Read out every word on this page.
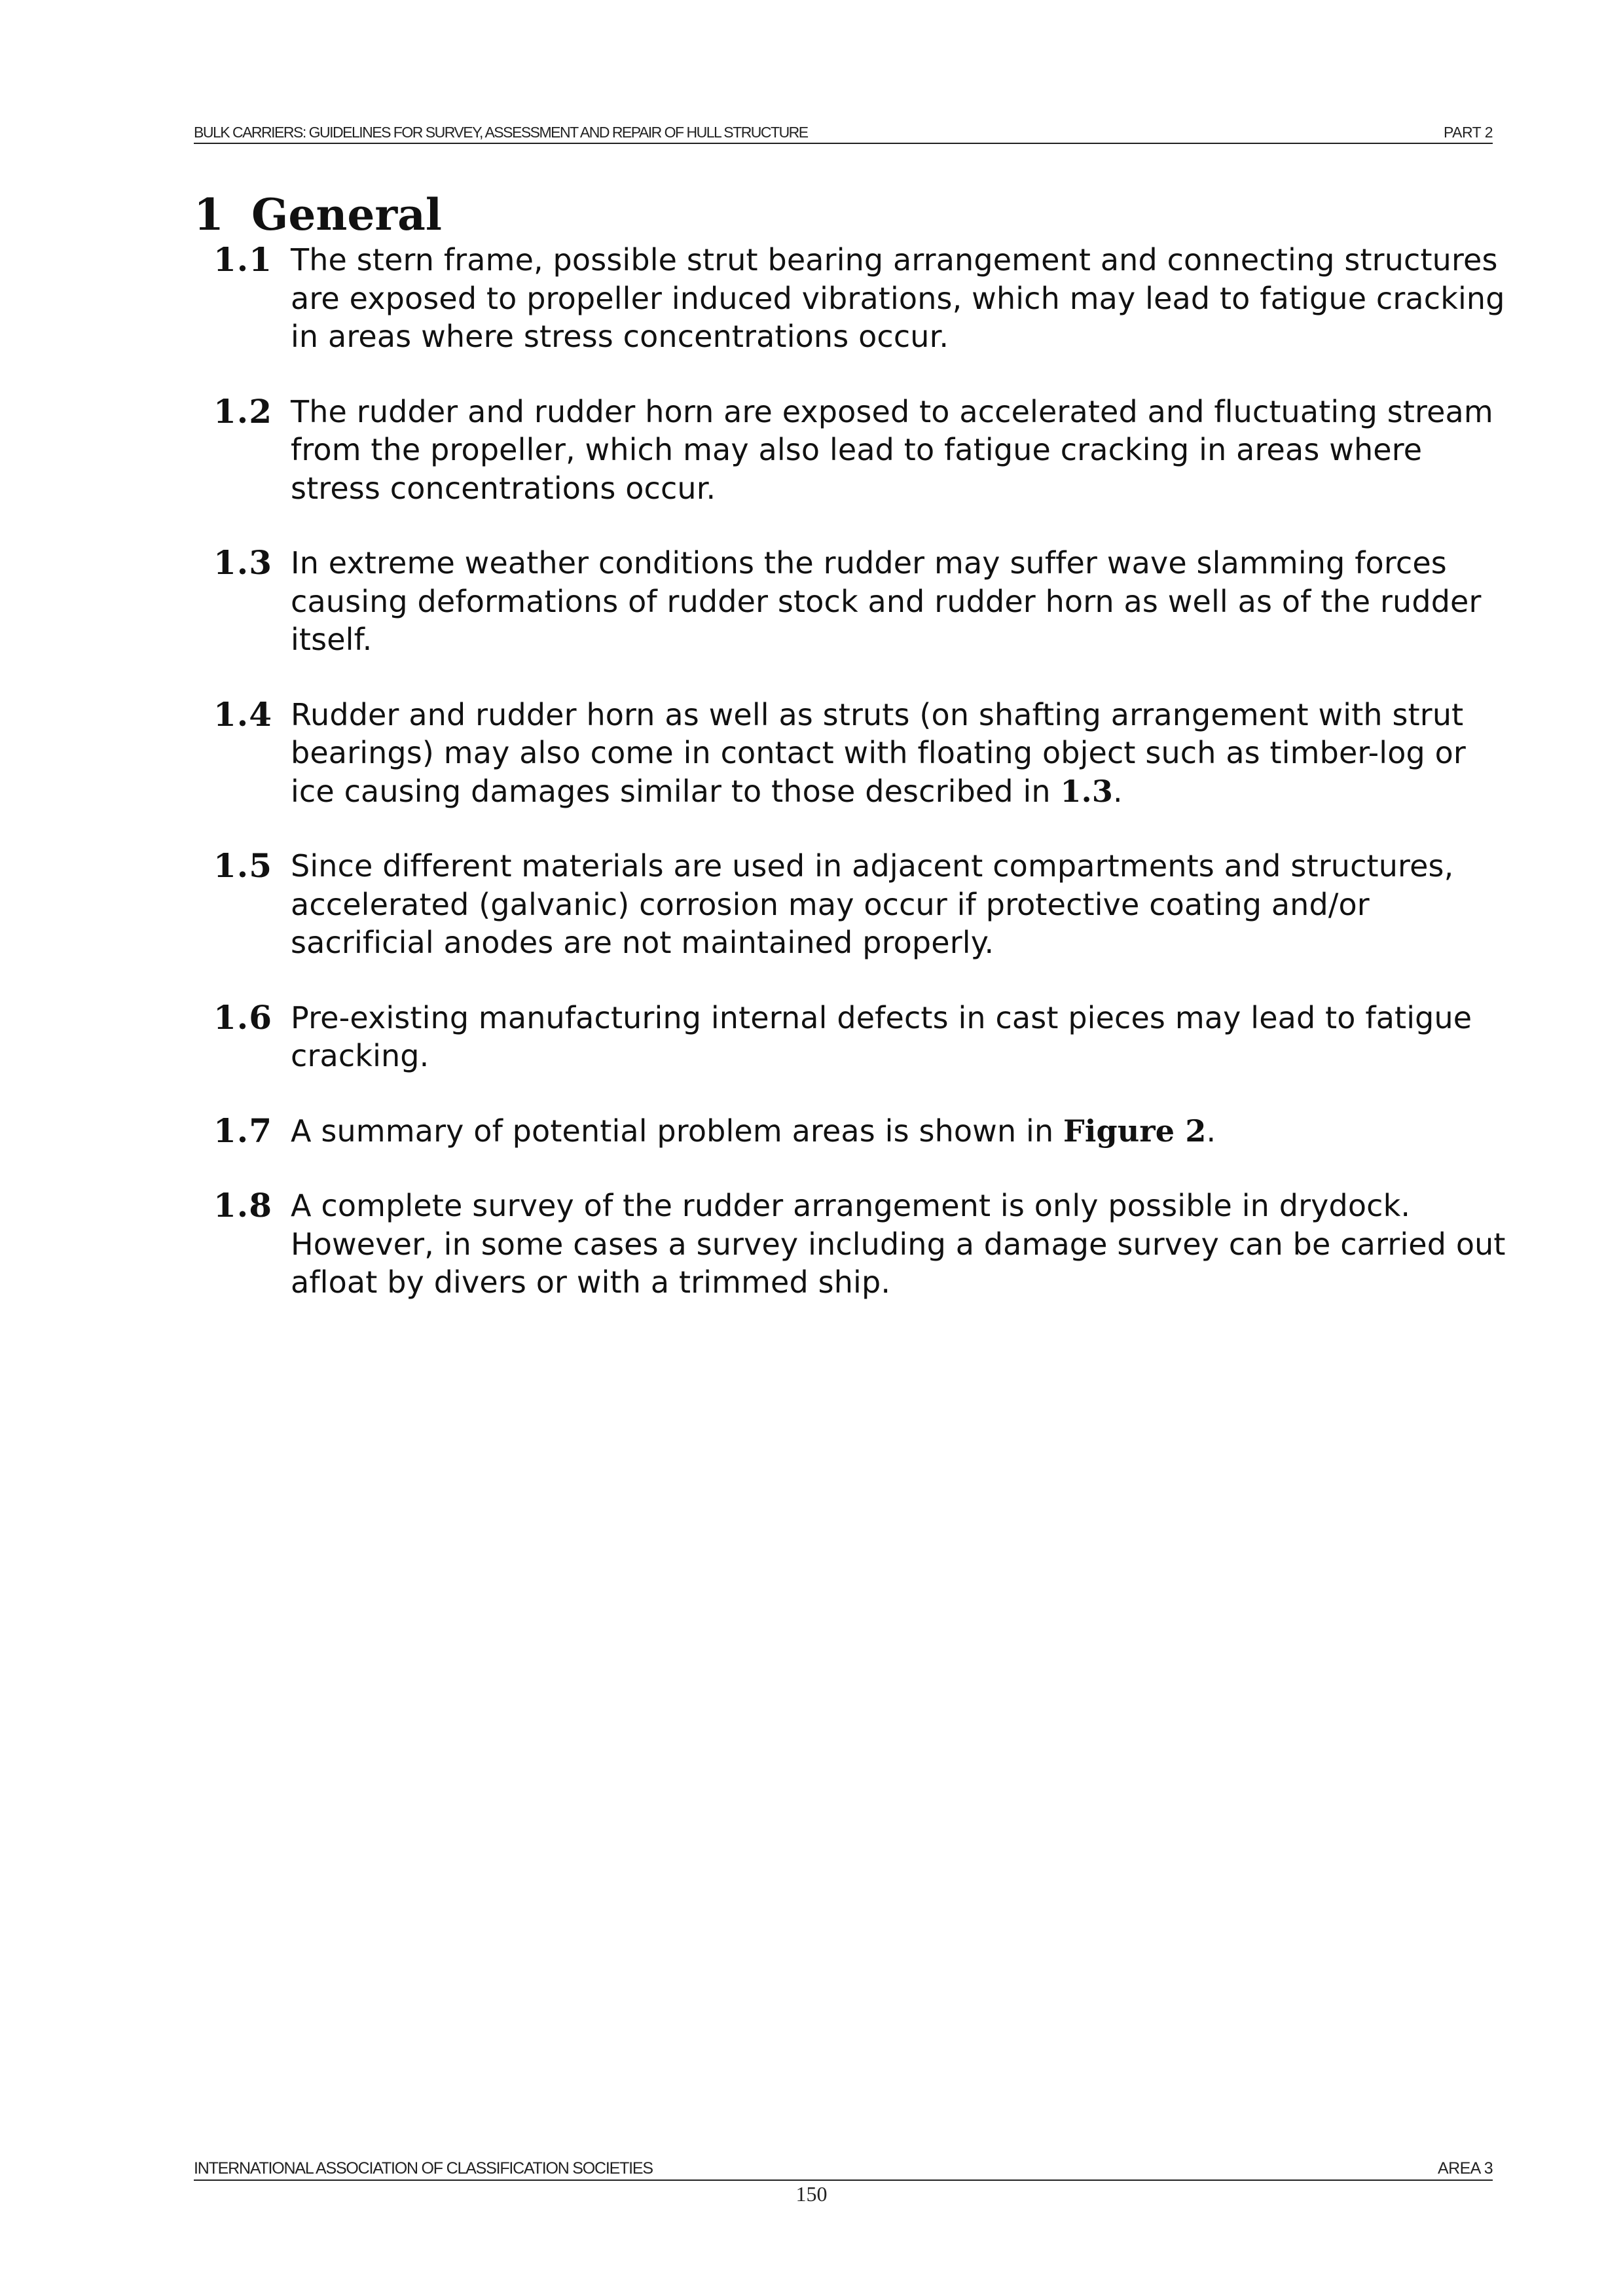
BULK CARRIERS: GUIDELINES FOR SURVEY, ASSESSMENT AND REPAIR OF HULL STRUCTURE	PART 2
1 General
1.1 The stern frame, possible strut bearing arrangement and connecting structures are exposed to propeller induced vibrations, which may lead to fatigue cracking in areas where stress concentrations occur.
1.2 The rudder and rudder horn are exposed to accelerated and fluctuating stream from the propeller, which may also lead to fatigue cracking in areas where stress concentrations occur.
1.3 In extreme weather conditions the rudder may suffer wave slamming forces causing deformations of rudder stock and rudder horn as well as of the rudder itself.
1.4 Rudder and rudder horn as well as struts (on shafting arrangement with strut bearings) may also come in contact with floating object such as timber-log or ice causing damages similar to those described in 1.3.
1.5 Since different materials are used in adjacent compartments and structures, accelerated (galvanic) corrosion may occur if protective coating and/or sacrificial anodes are not maintained properly.
1.6 Pre-existing manufacturing internal defects in cast pieces may lead to fatigue cracking.
1.7 A summary of potential problem areas is shown in Figure 2.
1.8 A complete survey of the rudder arrangement is only possible in drydock. However, in some cases a survey including a damage survey can be carried out afloat by divers or with a trimmed ship.
INTERNATIONAL ASSOCIATION OF CLASSIFICATION SOCIETIES	AREA 3
150
